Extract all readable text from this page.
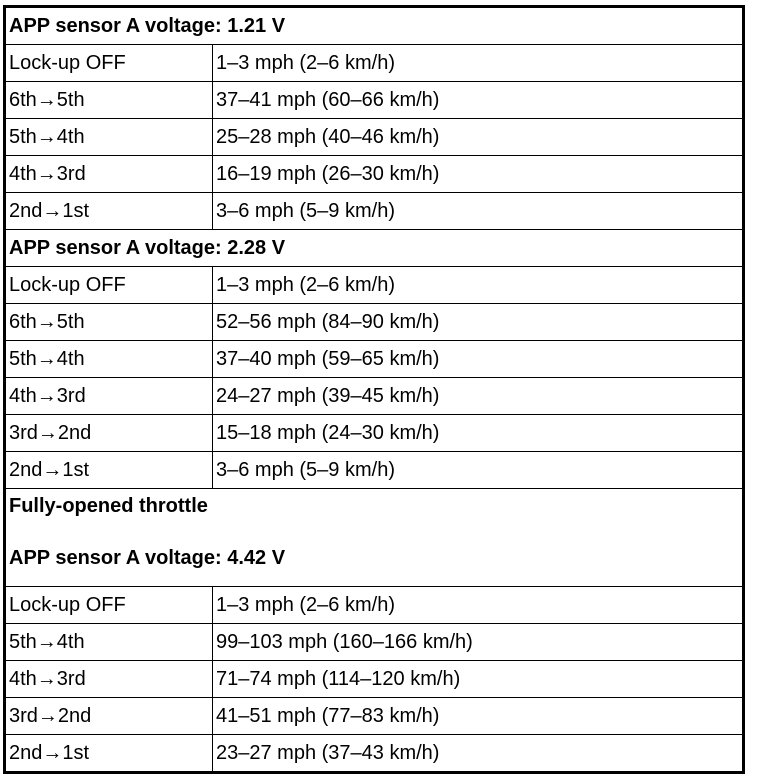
APP sensor A voltage: 1.21 V	
Lock-up OFF	1–3 mph (2–6 km/h)
6th→5th	37–41 mph (60–66 km/h)
5th→4th	25–28 mph (40–46 km/h)
4th→3rd	16–19 mph (26–30 km/h)
2nd→1st	3–6 mph (5–9 km/h)
APP sensor A voltage: 2.28 V	
Lock-up OFF	1–3 mph (2–6 km/h)
6th→5th	52–56 mph (84–90 km/h)
5th→4th	37–40 mph (59–65 km/h)
4th→3rd	24–27 mph (39–45 km/h)
3rd→2nd	15–18 mph (24–30 km/h)
2nd→1st	3–6 mph (5–9 km/h)

Fully-opened throttle
APP sensor A voltage: 4.42 V	

Lock-up OFF	1–3 mph (2–6 km/h)
5th→4th	99–103 mph (160–166 km/h)
4th→3rd	71–74 mph (114–120 km/h)
3rd→2nd	41–51 mph (77–83 km/h)
2nd→1st	23–27 mph (37–43 km/h)
